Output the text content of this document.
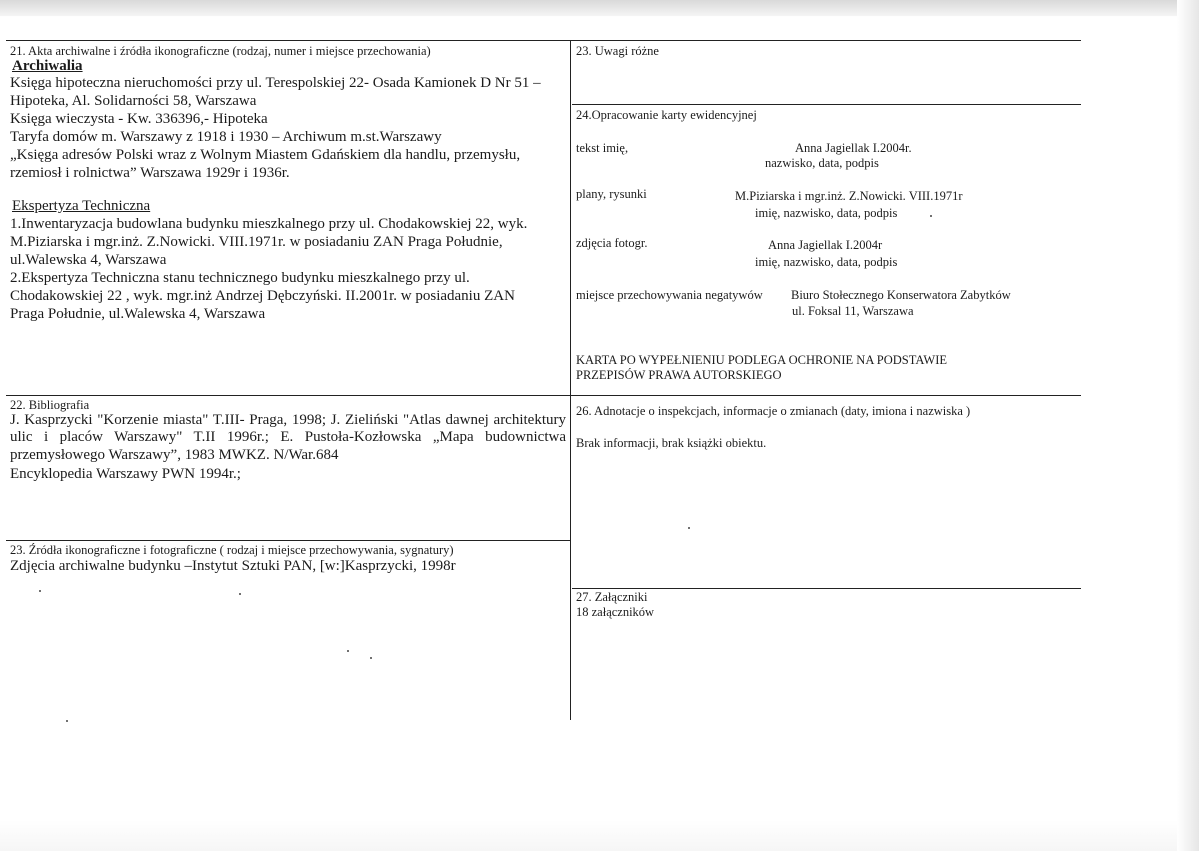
21. Akta archiwalne i źródła ikonograficzne (rodzaj, numer i miejsce przechowania)
Archiwalia
Księga hipoteczna nieruchomości przy ul. Terespolskiej 22- Osada Kamionek D Nr 51 –
Hipoteka, Al. Solidarności 58, Warszawa
Księga wieczysta - Kw. 336396,- Hipoteka
Taryfa domów m. Warszawy z 1918 i 1930 – Archiwum m.st.Warszawy
„Księga adresów Polski wraz z Wolnym Miastem Gdańskiem dla handlu, przemysłu,
rzemiosł i rolnictwa” Warszawa 1929r i 1936r.
Ekspertyza Techniczna
1.Inwentaryzacja budowlana budynku mieszkalnego przy ul. Chodakowskiej 22, wyk.
M.Piziarska i mgr.inż. Z.Nowicki. VIII.1971r. w posiadaniu ZAN Praga Południe,
ul.Walewska 4, Warszawa
2.Ekspertyza Techniczna stanu technicznego budynku mieszkalnego przy ul.
Chodakowskiej 22 , wyk. mgr.inż Andrzej Dębczyński. II.2001r. w posiadaniu ZAN
Praga Południe, ul.Walewska 4, Warszawa
22. Bibliografia
J. Kasprzycki "Korzenie miasta" T.III- Praga, 1998; J. Zieliński "Atlas dawnej architektury ulic i placów Warszawy" T.II 1996r.; E. Pustoła-Kozłowska „Mapa budownictwa przemysłowego Warszawy”, 1983 MWKZ. N/War.684
Encyklopedia Warszawy PWN 1994r.;
23. Źródła ikonograficzne i fotograficzne ( rodzaj i miejsce przechowywania, sygnatury)
Zdjęcia archiwalne budynku –Instytut Sztuki PAN, [w:]Kasprzycki, 1998r
23. Uwagi różne
24.Opracowanie karty ewidencyjnej
tekst imię,	Anna Jagiellak I.2004r.
nazwisko, data, podpis
plany, rysunki	M.Piziarska i mgr.inż. Z.Nowicki. VIII.1971r
imię, nazwisko, data, podpis
zdjęcia fotogr.	Anna Jagiellak I.2004r
imię, nazwisko, data, podpis
miejsce przechowywania negatywów Biuro Stołecznego Konserwatora Zabytków
ul. Foksal 11, Warszawa
KARTA PO WYPEŁNIENIU PODLEGA OCHRONIE NA PODSTAWIE
PRZEPISÓW PRAWA AUTORSKIEGO
26. Adnotacje o inspekcjach, informacje o zmianach (daty, imiona i nazwiska )
Brak informacji, brak książki obiektu.
27. Załączniki
18 załączników
